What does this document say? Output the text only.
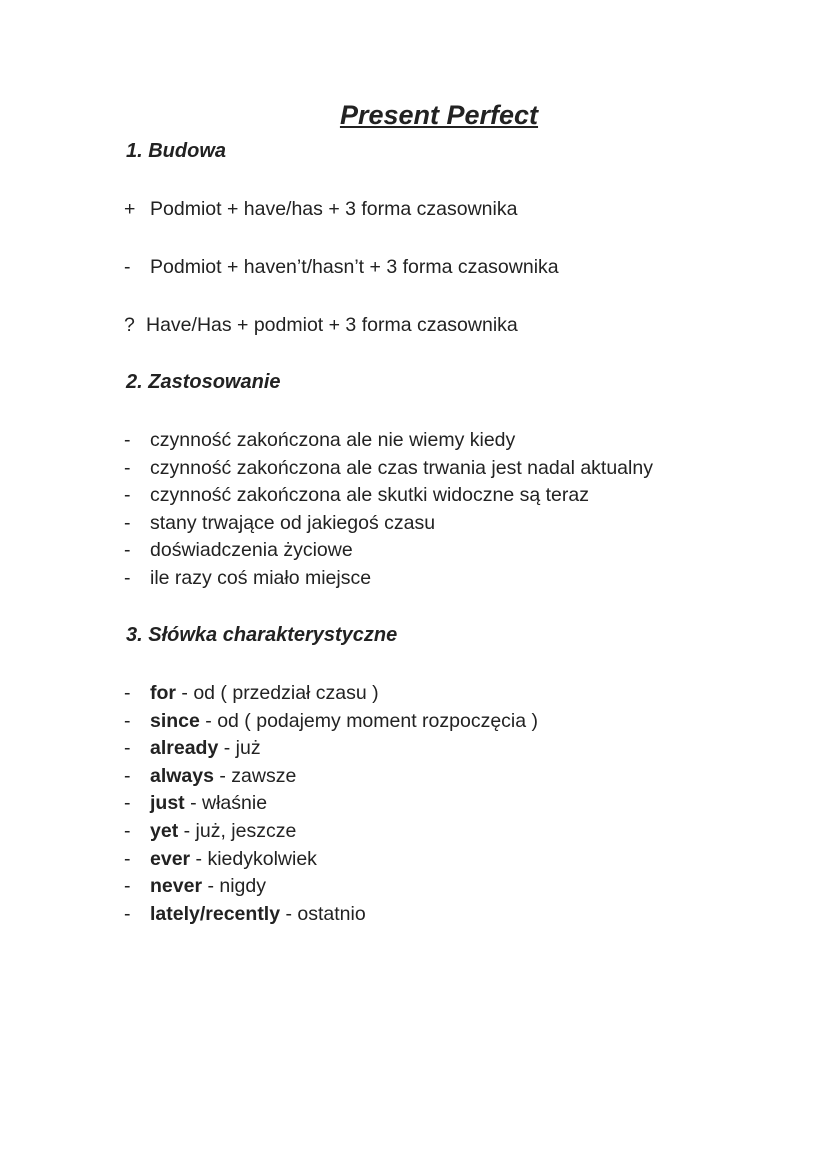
Present Perfect
1. Budowa
+ Podmiot + have/has + 3 forma czasownika
- Podmiot + haven’t/hasn’t + 3 forma czasownika
? Have/Has + podmiot + 3 forma czasownika
2. Zastosowanie
3. Słówka charakterystyczne
- czynność zakończona ale nie wiemy kiedy
- czynność zakończona ale czas trwania jest nadal aktualny
- czynność zakończona ale skutki widoczne są teraz
- stany trwające od jakiegoś czasu
- doświadczenia życiowe
- ile razy coś miało miejsce
- for - od ( przedział czasu )
- since - od ( podajemy moment rozpoczęcia )
- already - już
- always - zawsze
- just - właśnie
- yet - już, jeszcze
- ever - kiedykolwiek
- never - nigdy
- lately/recently - ostatnio
